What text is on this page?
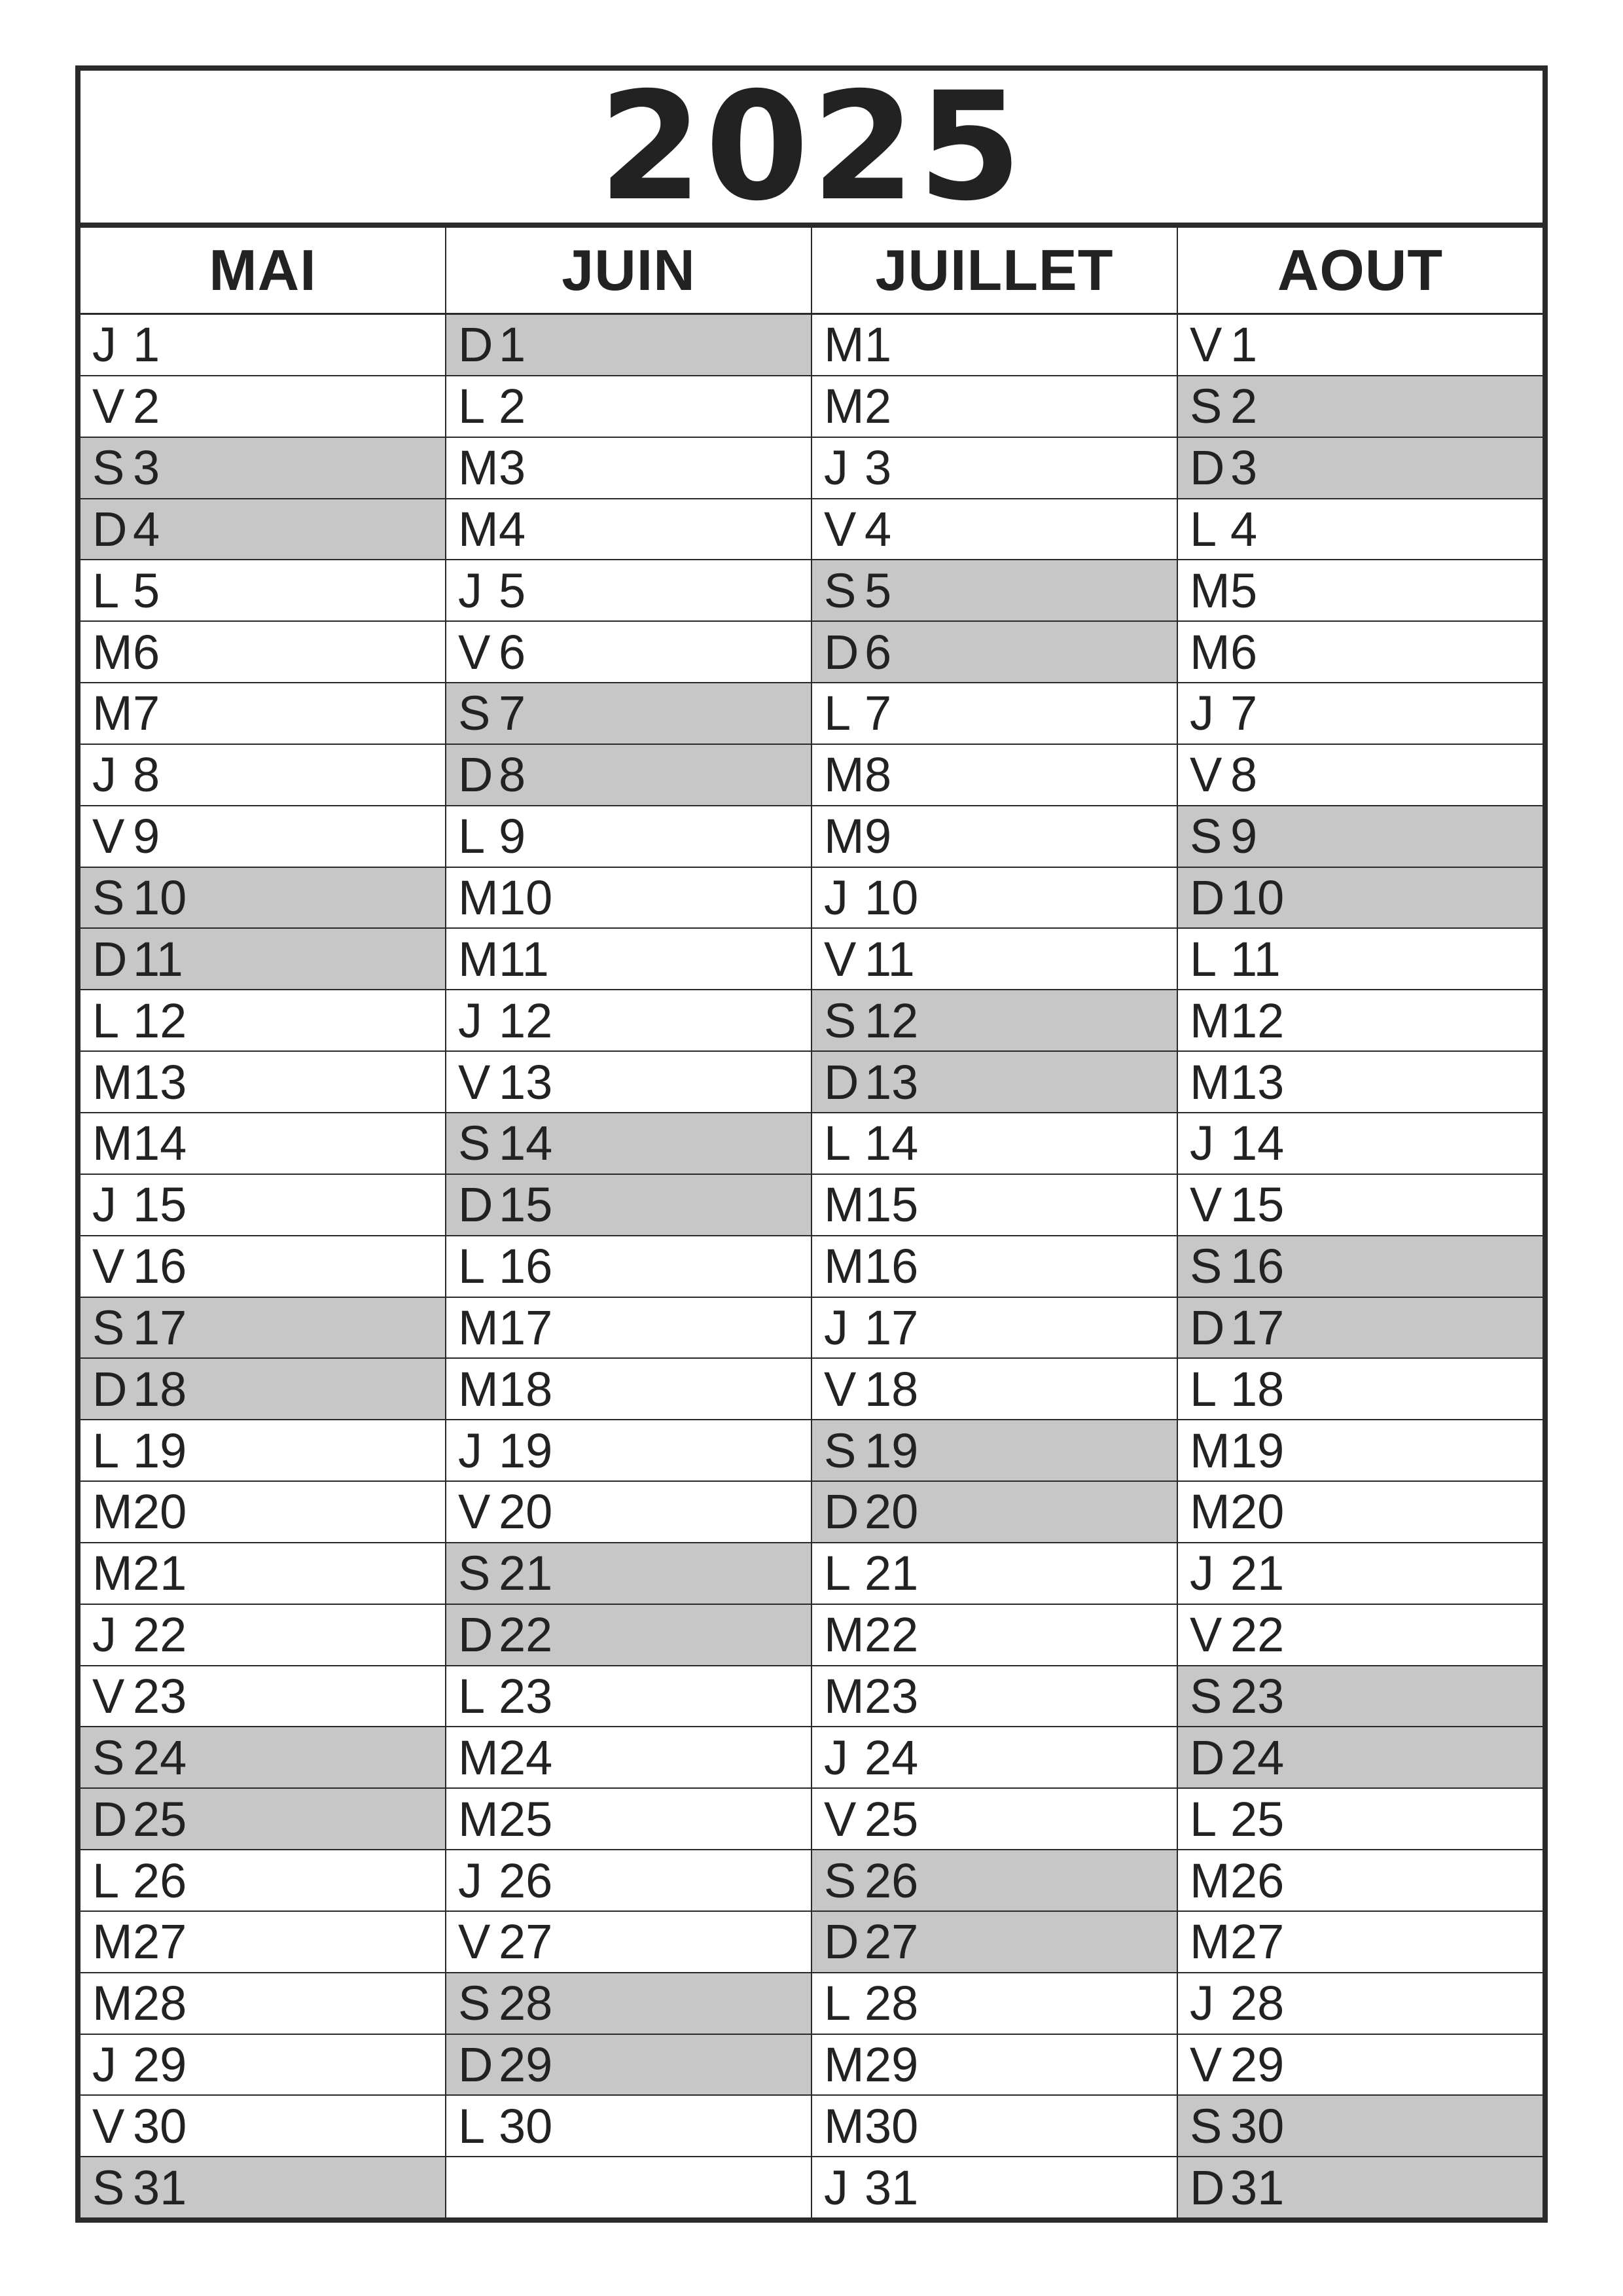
2025
MAI
J 1
V 2
S 3
D 4
L 5
M 6
M 7
J 8
V 9
S 10
D 11
L 12
M 13
M 14
J 15
V 16
S 17
D 18
L 19
M 20
M 21
J 22
V 23
S 24
D 25
L 26
M 27
M 28
J 29
V 30
S 31
JUIN
D 1
L 2
M 3
M 4
J 5
V 6
S 7
D 8
L 9
M 10
M 11
J 12
V 13
S 14
D 15
L 16
M 17
M 18
J 19
V 20
S 21
D 22
L 23
M 24
M 25
J 26
V 27
S 28
D 29
L 30
JUILLET
M 1
M 2
J 3
V 4
S 5
D 6
L 7
M 8
M 9
J 10
V 11
S 12
D 13
L 14
M 15
M 16
J 17
V 18
S 19
D 20
L 21
M 22
M 23
J 24
V 25
S 26
D 27
L 28
M 29
M 30
J 31
AOUT
V 1
S 2
D 3
L 4
M 5
M 6
J 7
V 8
S 9
D 10
L 11
M 12
M 13
J 14
V 15
S 16
D 17
L 18
M 19
M 20
J 21
V 22
S 23
D 24
L 25
M 26
M 27
J 28
V 29
S 30
D 31
